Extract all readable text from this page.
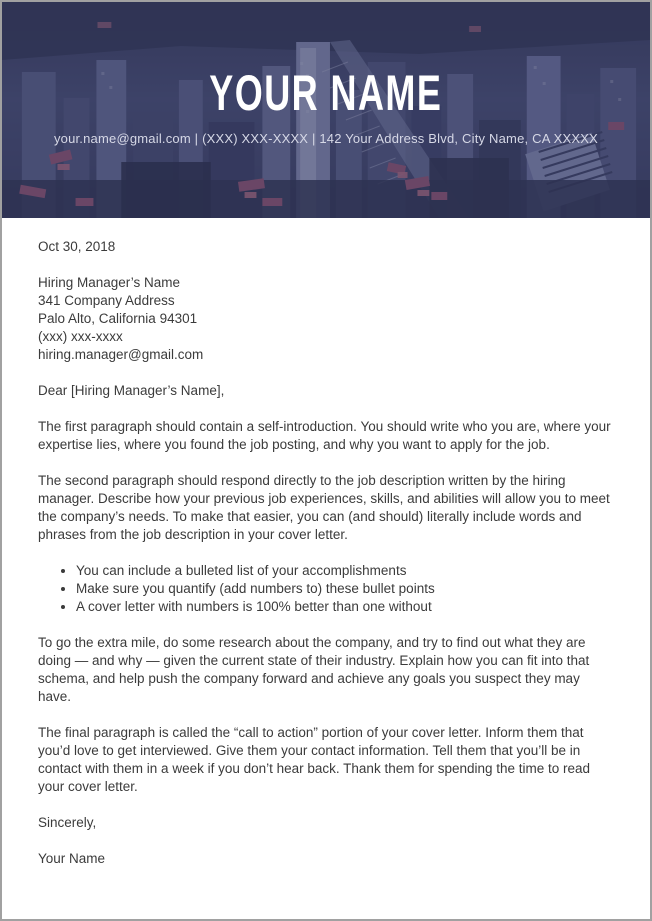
YOUR NAME
your.name@gmail.com | (XXX) XXX-XXXX | 142 Your Address Blvd, City Name, CA XXXXX
Oct 30, 2018
Hiring Manager’s Name
341 Company Address
Palo Alto, California 94301
(xxx) xxx-xxxx
hiring.manager@gmail.com
Dear [Hiring Manager’s Name],

The first paragraph should contain a self-introduction. You should write who you are, where your expertise lies, where you found the job posting, and why you want to apply for the job.

The second paragraph should respond directly to the job description written by the hiring manager. Describe how your previous job experiences, skills, and abilities will allow you to meet the company’s needs. To make that easier, you can (and should) literally include words and phrases from the job description in your cover letter.

• You can include a bulleted list of your accomplishments
• Make sure you quantify (add numbers to) these bullet points
• A cover letter with numbers is 100% better than one without

To go the extra mile, do some research about the company, and try to find out what they are doing — and why — given the current state of their industry. Explain how you can fit into that schema, and help push the company forward and achieve any goals you suspect they may have.

The final paragraph is called the “call to action” portion of your cover letter. Inform them that you’d love to get interviewed. Give them your contact information. Tell them that you’ll be in contact with them in a week if you don’t hear back. Thank them for spending the time to read your cover letter.

Sincerely,
Your Name
